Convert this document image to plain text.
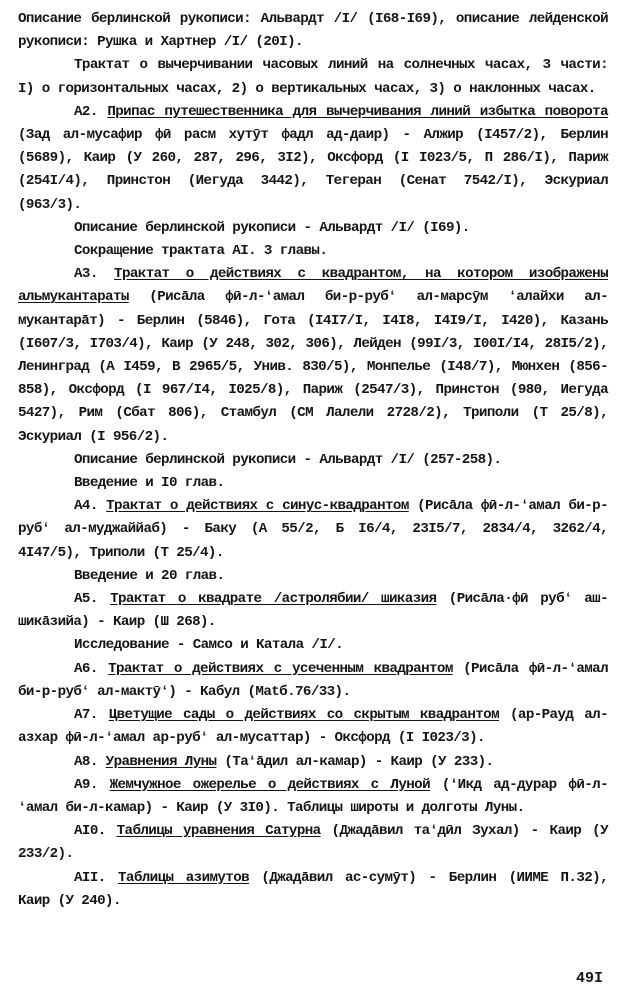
Описание берлинской рукописи: Альвардт /I/ (I68-I69), описание лейденской рукописи: Рушка и Хартнер /I/ (20I).

Трактат о вычерчивании часовых линий на солнечных часах, 3 части: I) о горизонтальных часах, 2) о вертикальных часах, 3) о наклонных часах.

А2. Припас путешественника для вычерчивания линий избытка поворота (Зад ал-мусафир фӣ расм хутӯт фадл ад-даир) - Алжир (I457/2), Берлин (5689), Каир (У 260, 287, 296, 3I2), Оксфорд (I I023/5, П 286/I), Париж (254I/4), Принстон (Иегуда 3442), Тегеран (Сенат 7542/I), Эскуриал (963/3).

Описание берлинской рукописи - Альвардт /I/ (I69).

Сокращение трактата AI. 3 главы.

А3. Трактат о действиях с квадрантом, на котором изображены альмукантараты (Рисāла фӣ-л-ʻамал би-р-рубʻ ал-марсӯм ʻалайхи ал-мукантарāт) - Берлин (5846), Гота (I4I7/I, I4I8, I4I9/I, I420), Казань (I607/3, I703/4), Каир (У 248, 302, 306), Лейден (99I/3, I00I/I4, 28I5/2), Ленинград (А I459, В 2965/5, Унив. 830/5), Монпелье (I48/7), Мюнхен (856-858), Оксфорд (I 967/I4, I025/8), Париж (2547/3), Принстон (980, Иегуда 5427), Рим (Сбат 806), Стамбул (СМ Лалели 2728/2), Триполи (Т 25/8), Эскуриал (I 956/2).

Описание берлинской рукописи - Альвардт /I/ (257-258).

Введение и I0 глав.

А4. Трактат о действиях с синус-квадрантом (Рисāла фӣ-л-ʻамал би-р-рубʻ ал-муджаййаб) - Баку (А 55/2, Б I6/4, 23I5/7, 2834/4, 3262/4, 4I47/5), Триполи (Т 25/4).

Введение и 20 глав.

А5. Трактат о квадрате /астролябии/ шиказия (Рисāла·фӣ рубʻ аш-шикāзийа) - Каир (Ш 268).

Исследование - Самсо и Катала /I/.

А6. Трактат о действиях с усеченным квадрантом (Рисāла фӣ-л-ʻамал би-р-рубʻ ал-мактӯʻ) - Кабул (Маtб.76/33).

А7. Цветущие сады о действиях со скрытым квадрантом (ар-Рауд ал-азхар фӣ-л-ʻамал ар-рубʻ ал-мусаттар) - Оксфорд (I I023/3).

А8. Уравнения Луны (Таʻāдил ал-камар) - Каир (У 233).

А9. Жемчужное ожерелье о действиях с Луной (ʻИкд ад-дурар фӣ-л-ʻамал би-л-камар) - Каир (У 3I0). Таблицы широты и долготы Луны.

АI0. Таблицы уравнения Сатурна (Джадāвил таʻдӣл Зухал) - Каир (У 233/2).

АII. Таблицы азимутов (Джадāвил ас-сумӯт) - Берлин (ИИМЕ П.32), Каир (У 240).

49I
